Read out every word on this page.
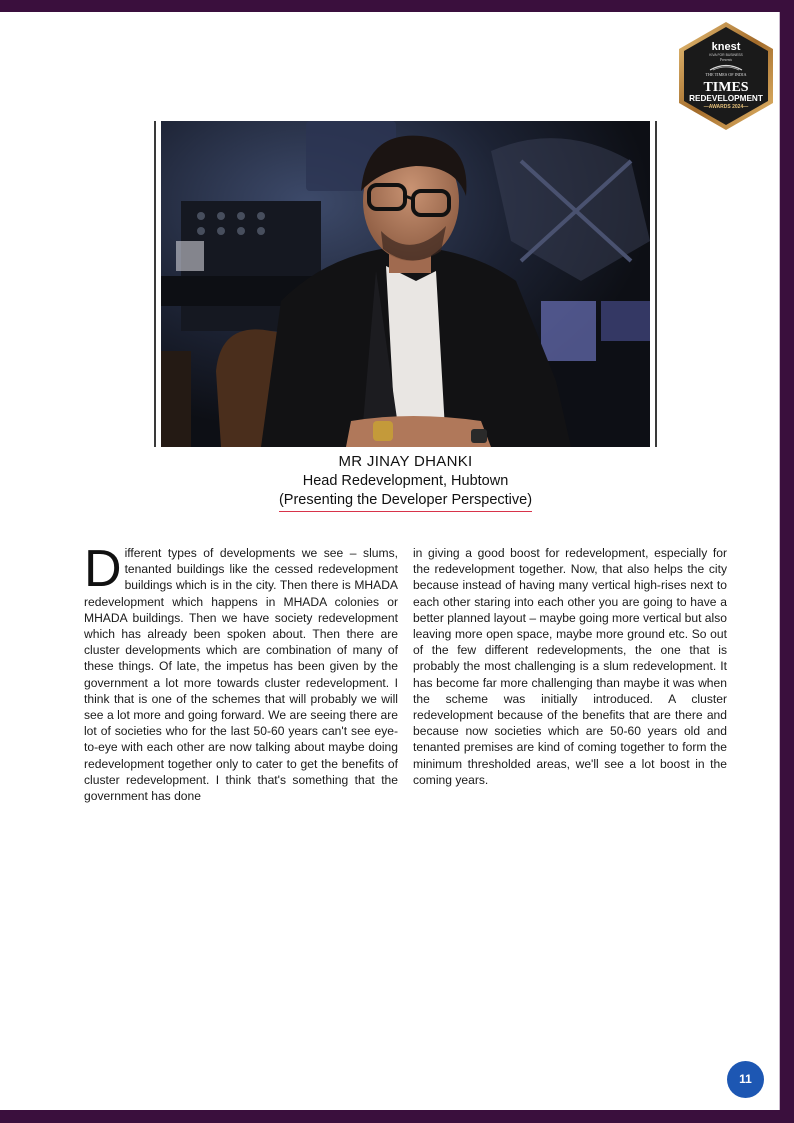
knest
KIVA FOR BUSINESS
Presents
THE TIMES OF INDIA
TIMES
REDEVELOPMENT
—AWARDS 2024—
MR JINAY DHANKI
Head Redevelopment, Hubtown
(Presenting the Developer Perspective)
Different types of developments we see – slums, tenanted buildings like the cessed redevelopment buildings which is in the city. Then there is MHADA redevelopment which happens in MHADA colonies or MHADA buildings. Then we have society redevelopment which has already been spoken about. Then there are cluster developments which are combination of many of these things. Of late, the impetus has been given by the government a lot more towards cluster redevelopment. I think that is one of the schemes that will probably we will see a lot more and going forward. We are seeing there are lot of societies who for the last 50-60 years can't see eye-to-eye with each other are now talking about maybe doing redevelopment together only to cater to get the benefits of cluster redevelopment. I think that's something that the government has done
in giving a good boost for redevelopment, especially for the redevelopment together. Now, that also helps the city because instead of having many vertical high-rises next to each other staring into each other you are going to have a better planned layout – maybe going more vertical but also leaving more open space, maybe more ground etc. So out of the few different redevelopments, the one that is probably the most challenging is a slum redevelopment. It has become far more challenging than maybe it was when the scheme was initially introduced. A cluster redevelopment because of the benefits that are there and because now societies which are 50-60 years old and tenanted premises are kind of coming together to form the minimum thresholded areas, we'll see a lot boost in the coming years.
11
